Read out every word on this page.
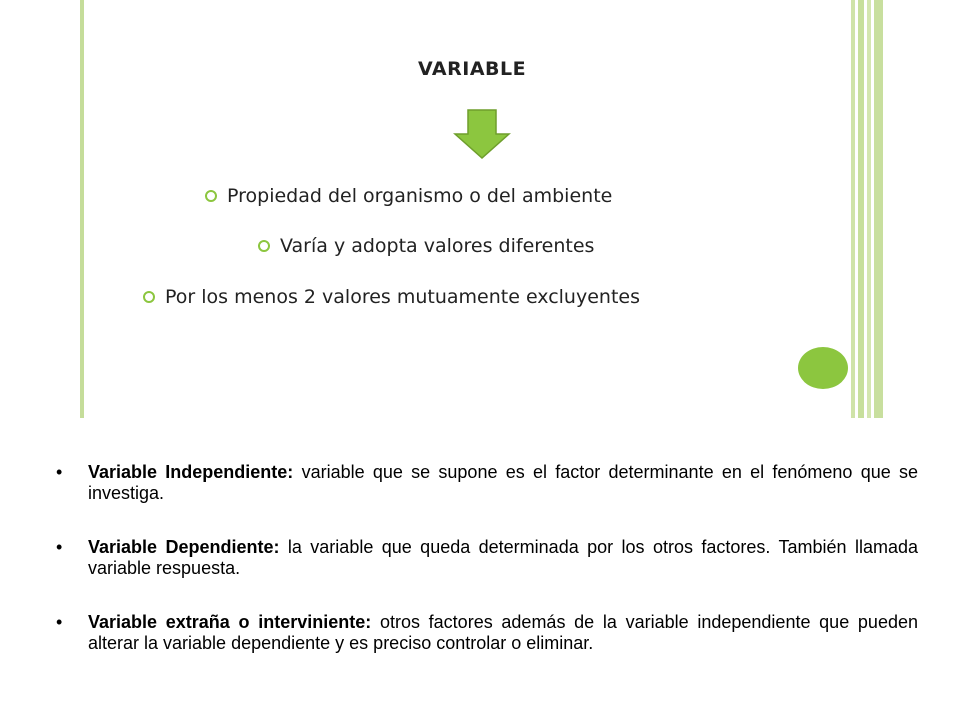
VARIABLE
Propiedad del organismo o del ambiente
Varía y adopta valores diferentes
Por los menos 2 valores mutuamente excluyentes
• Variable Independiente: variable que se supone es el factor determinante en el fenómeno que se investiga.
• Variable Dependiente: la variable que queda determinada por los otros factores. También llamada variable respuesta.
• Variable extraña o interviniente: otros factores además de la variable independiente que pueden alterar la variable dependiente y es preciso controlar o eliminar.
